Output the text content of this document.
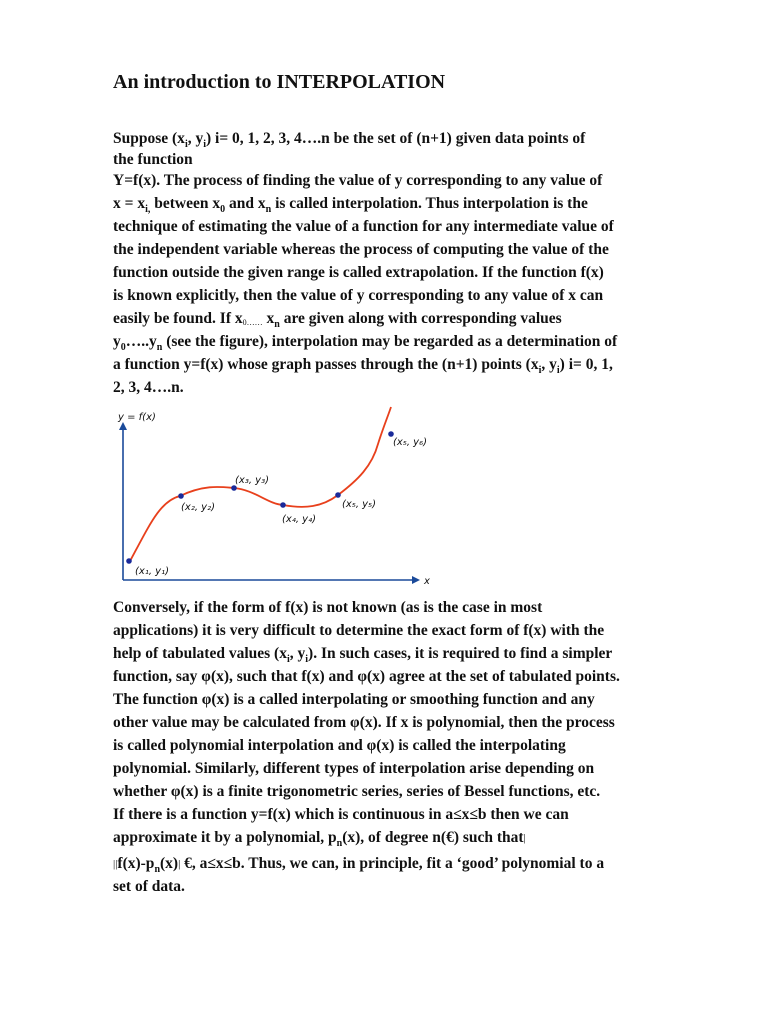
An introduction to INTERPOLATION
Suppose ($x_i$, $y_i$) i= 0, 1, 2, 3, 4….n be the set of (n+1) given data points of
the function
Y=f(x). The process of finding the value of y corresponding to any value of
$x = x_{i,}$ between $x_0$ and $x_n$ is called interpolation. Thus interpolation is the
technique of estimating the value of a function for any intermediate value of
the independent variable whereas the process of computing the value of the
function outside the given range is called extrapolation. If the function f(x)
is known explicitly, then the value of y corresponding to any value of x can
easily be found. If x0…… $x_n$ are given along with corresponding values
$y_0\dots..y_n$ (see the figure), interpolation may be regarded as a determination of
a function y=f(x) whose graph passes through the (n+1) points ($x_i$, $y_i$) i= 0, 1,
2, 3, 4….n.
y = f(x)
x
(x₁, y₁)
(x₂, y₂)
(x₃, y₃)
(x₄, y₄)
(x₅, y₅)
(x₅, y₆)
Conversely, if the form of f(x) is not known (as is the case in most
applications) it is very difficult to determine the exact form of f(x) with the
help of tabulated values ($x_i$, $y_i$). In such cases, it is required to find a simpler
function, say φ(x), such that f(x) and φ(x) agree at the set of tabulated points.
The function φ(x) is a called interpolating or smoothing function and any
other value may be calculated from φ(x). If x is polynomial, then the process
is called polynomial interpolation and φ(x) is called the interpolating
polynomial. Similarly, different types of interpolation arise depending on
whether φ(x) is a finite trigonometric series, series of Bessel functions, etc.
If there is a function y=f(x) which is continuous in a≤x≤b then we can
approximate it by a polynomial, $p_n(x)$, of degree n(€) such that|
$||f(x)-p_n(x)|$ €, a≤x≤b. Thus, we can, in principle, fit a ‘good’ polynomial to a
set of data.
